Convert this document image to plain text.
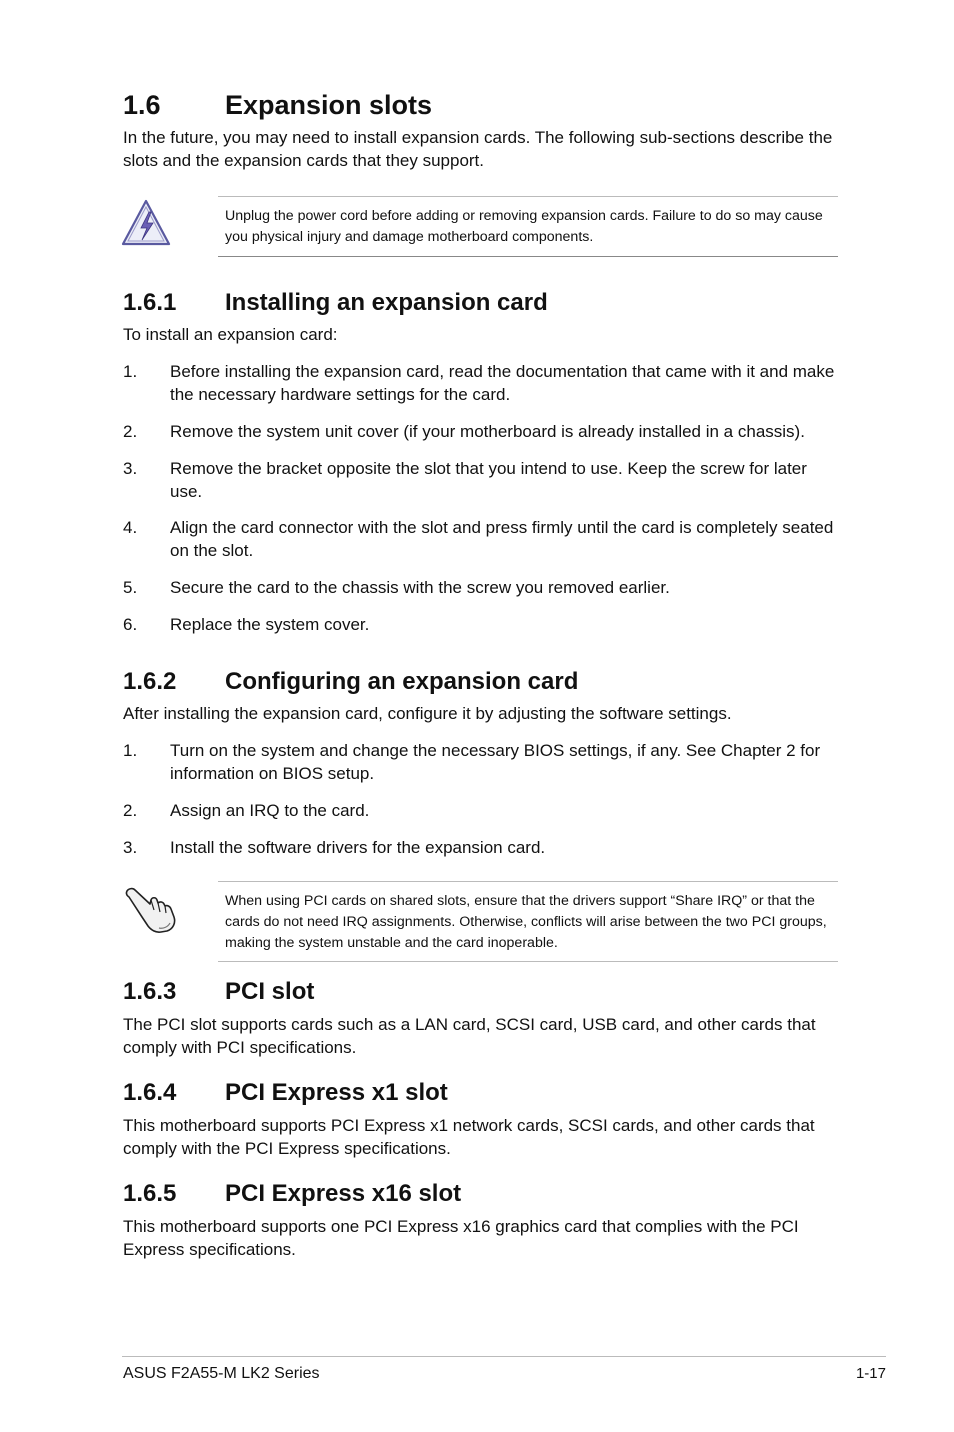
1.6 Expansion slots
In the future, you may need to install expansion cards. The following sub-sections describe the slots and the expansion cards that they support.
Unplug the power cord before adding or removing expansion cards. Failure to do so may cause you physical injury and damage motherboard components.
1.6.1 Installing an expansion card
To install an expansion card:
1. Before installing the expansion card, read the documentation that came with it and make the necessary hardware settings for the card.
2. Remove the system unit cover (if your motherboard is already installed in a chassis).
3. Remove the bracket opposite the slot that you intend to use. Keep the screw for later use.
4. Align the card connector with the slot and press firmly until the card is completely seated on the slot.
5. Secure the card to the chassis with the screw you removed earlier.
6. Replace the system cover.
1.6.2 Configuring an expansion card
After installing the expansion card, configure it by adjusting the software settings.
1. Turn on the system and change the necessary BIOS settings, if any. See Chapter 2 for information on BIOS setup.
2. Assign an IRQ to the card.
3. Install the software drivers for the expansion card.
When using PCI cards on shared slots, ensure that the drivers support “Share IRQ” or that the cards do not need IRQ assignments. Otherwise, conflicts will arise between the two PCI groups, making the system unstable and the card inoperable.
1.6.3 PCI slot
The PCI slot supports cards such as a LAN card, SCSI card, USB card, and other cards that comply with PCI specifications.
1.6.4 PCI Express x1 slot
This motherboard supports PCI Express x1 network cards, SCSI cards, and other cards that comply with the PCI Express specifications.
1.6.5 PCI Express x16 slot
This motherboard supports one PCI Express x16 graphics card that complies with the PCI Express specifications.
ASUS F2A55-M LK2 Series	1-17
